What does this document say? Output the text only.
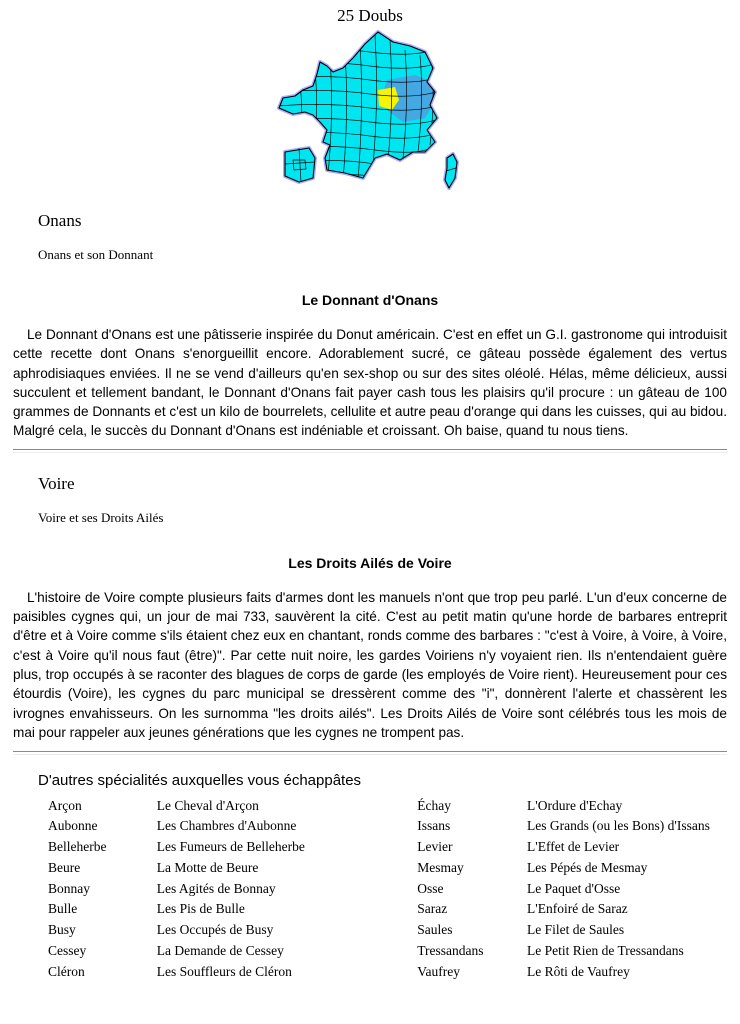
25 Doubs
Onans

Onans et son Donnant

Le Donnant d'Onans

Le Donnant d'Onans est une pâtisserie inspirée du Donut américain. C'est en effet un G.I. gastronome qui introduisit cette recette dont Onans s'enorgueillit encore. Adorablement sucré, ce gâteau possède également des vertus aphrodisiaques enviées. Il ne se vend d'ailleurs qu'en sex-shop ou sur des sites oléolé. Hélas, même délicieux, aussi succulent et tellement bandant, le Donnant d'Onans fait payer cash tous les plaisirs qu'il procure : un gâteau de 100 grammes de Donnants et c'est un kilo de bourrelets, cellulite et autre peau d'orange qui dans les cuisses, qui au bidou. Malgré cela, le succès du Donnant d'Onans est indéniable et croissant. Oh baise, quand tu nous tiens.

Voire

Voire et ses Droits Ailés

Les Droits Ailés de Voire

L'histoire de Voire compte plusieurs faits d'armes dont les manuels n'ont que trop peu parlé. L'un d'eux concerne de paisibles cygnes qui, un jour de mai 733, sauvèrent la cité. C'est au petit matin qu'une horde de barbares entreprit d'être et à Voire comme s'ils étaient chez eux en chantant, ronds comme des barbares : "c'est à Voire, à Voire, à Voire, c'est à Voire qu'il nous faut (être)". Par cette nuit noire, les gardes Voiriens n'y voyaient rien. Ils n'entendaient guère plus, trop occupés à se raconter des blagues de corps de garde (les employés de Voire rient). Heureusement pour ces étourdis (Voire), les cygnes du parc municipal se dressèrent comme des "i", donnèrent l'alerte et chassèrent les ivrognes envahisseurs. On les surnomma "les droits ailés". Les Droits Ailés de Voire sont célébrés tous les mois de mai pour rappeler aux jeunes générations que les cygnes ne trompent pas.

D'autres spécialités auxquelles vous échappâtes
Arçon	Le Cheval d'Arçon	Échay	L'Ordure d'Echay
Aubonne	Les Chambres d'Aubonne	Issans	Les Grands (ou les Bons) d'Issans
Belleherbe	Les Fumeurs de Belleherbe	Levier	L'Effet de Levier
Beure	La Motte de Beure	Mesmay	Les Pépés de Mesmay
Bonnay	Les Agités de Bonnay	Osse	Le Paquet d'Osse
Bulle	Les Pis de Bulle	Saraz	L'Enfoiré de Saraz
Busy	Les Occupés de Busy	Saules	Le Filet de Saules
Cessey	La Demande de Cessey	Tressandans	Le Petit Rien de Tressandans
Cléron	Les Souffleurs de Cléron	Vaufrey	Le Rôti de Vaufrey
